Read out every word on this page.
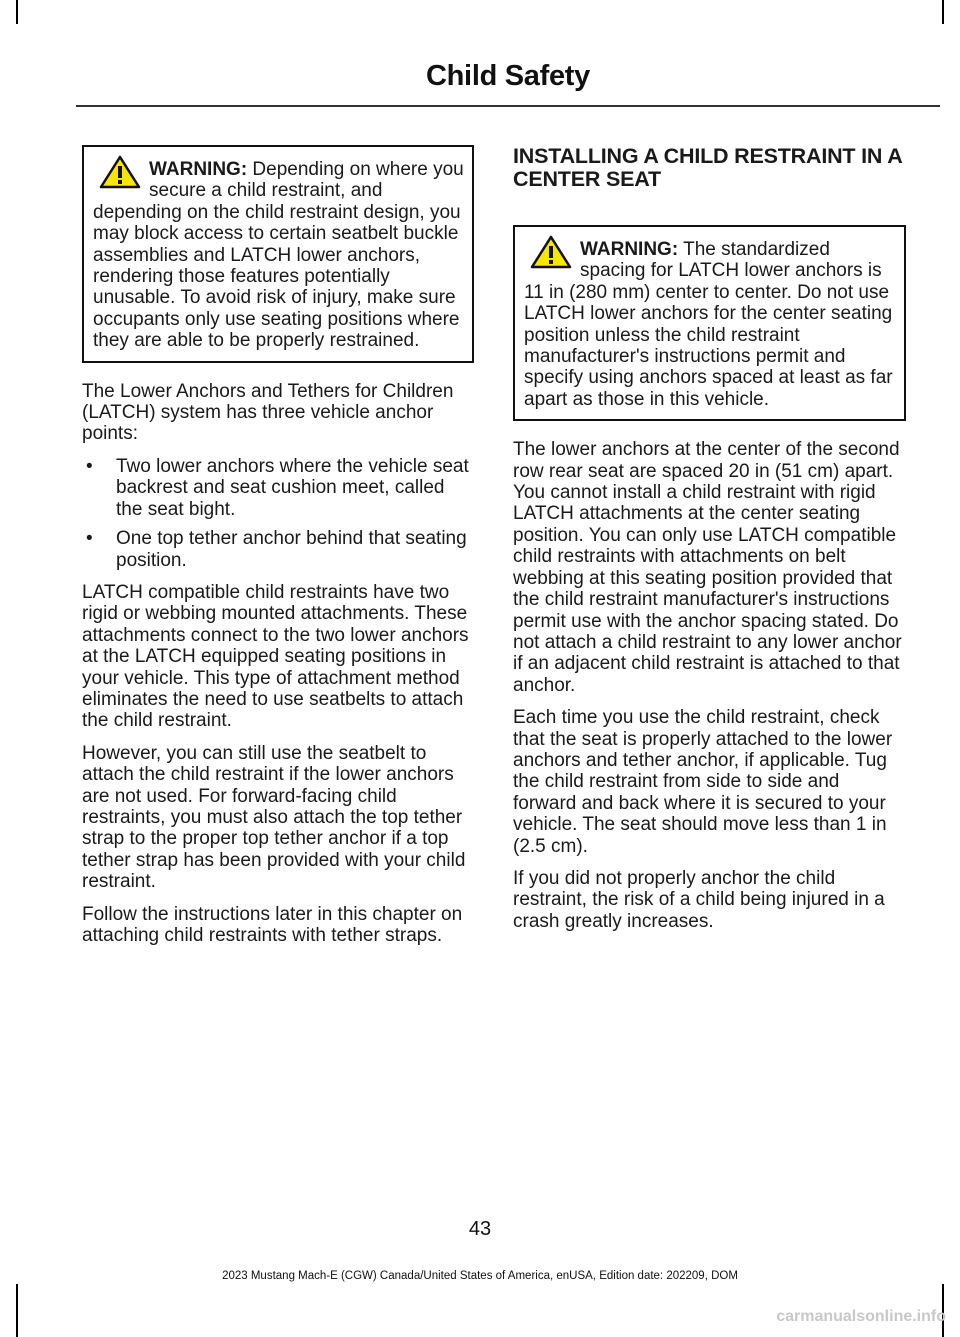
Child Safety

WARNING: Depending on where you secure a child restraint, and depending on the child restraint design, you may block access to certain seatbelt buckle assemblies and LATCH lower anchors, rendering those features potentially unusable. To avoid risk of injury, make sure occupants only use seating positions where they are able to be properly restrained.

The Lower Anchors and Tethers for Children (LATCH) system has three vehicle anchor points:

• Two lower anchors where the vehicle seat backrest and seat cushion meet, called the seat bight.
• One top tether anchor behind that seating position.

LATCH compatible child restraints have two rigid or webbing mounted attachments. These attachments connect to the two lower anchors at the LATCH equipped seating positions in your vehicle. This type of attachment method eliminates the need to use seatbelts to attach the child restraint.

However, you can still use the seatbelt to attach the child restraint if the lower anchors are not used. For forward-facing child restraints, you must also attach the top tether strap to the proper top tether anchor if a top tether strap has been provided with your child restraint.

Follow the instructions later in this chapter on attaching child restraints with tether straps.

INSTALLING A CHILD RESTRAINT IN A CENTER SEAT

WARNING: The standardized spacing for LATCH lower anchors is 11 in (280 mm) center to center. Do not use LATCH lower anchors for the center seating position unless the child restraint manufacturer's instructions permit and specify using anchors spaced at least as far apart as those in this vehicle.

The lower anchors at the center of the second row rear seat are spaced 20 in (51 cm) apart. You cannot install a child restraint with rigid LATCH attachments at the center seating position. You can only use LATCH compatible child restraints with attachments on belt webbing at this seating position provided that the child restraint manufacturer's instructions permit use with the anchor spacing stated. Do not attach a child restraint to any lower anchor if an adjacent child restraint is attached to that anchor.

Each time you use the child restraint, check that the seat is properly attached to the lower anchors and tether anchor, if applicable. Tug the child restraint from side to side and forward and back where it is secured to your vehicle. The seat should move less than 1 in (2.5 cm).

If you did not properly anchor the child restraint, the risk of a child being injured in a crash greatly increases.

43
2023 Mustang Mach-E (CGW) Canada/United States of America, enUSA, Edition date: 202209, DOM
carmanualsonline.info
